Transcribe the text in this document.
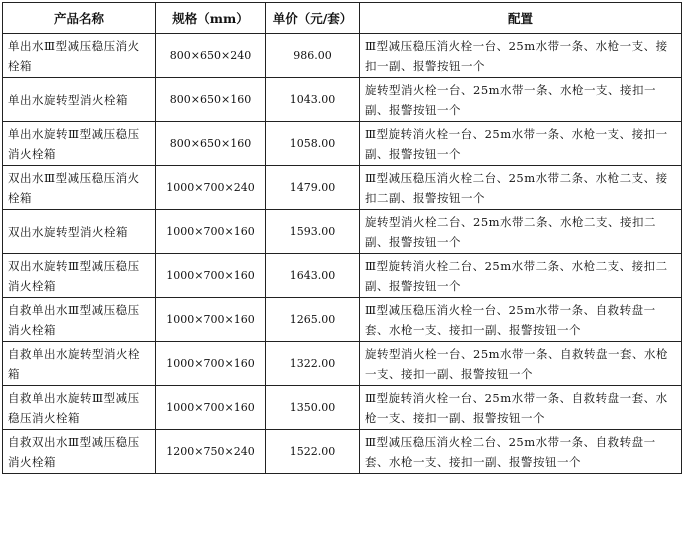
产品名称	规格（mm）	单价（元/套）	配置
单出水Ⅲ型减压稳压消火栓箱	800×650×240	986.00	Ⅲ型减压稳压消火栓一台、25m水带一条、水枪一支、接扣一副、报警按钮一个
单出水旋转型消火栓箱	800×650×160	1043.00	旋转型消火栓一台、25m水带一条、水枪一支、接扣一副、报警按钮一个
单出水旋转Ⅲ型减压稳压消火栓箱	800×650×160	1058.00	Ⅲ型旋转消火栓一台、25m水带一条、水枪一支、接扣一副、报警按钮一个
双出水Ⅲ型减压稳压消火栓箱	1000×700×240	1479.00	Ⅲ型减压稳压消火栓二台、25m水带二条、水枪二支、接扣二副、报警按钮一个
双出水旋转型消火栓箱	1000×700×160	1593.00	旋转型消火栓二台、25m水带二条、水枪二支、接扣二副、报警按钮一个
双出水旋转Ⅲ型减压稳压消火栓箱	1000×700×160	1643.00	Ⅲ型旋转消火栓二台、25m水带二条、水枪二支、接扣二副、报警按钮一个
自救单出水Ⅲ型减压稳压消火栓箱	1000×700×160	1265.00	Ⅲ型减压稳压消火栓一台、25m水带一条、自救转盘一套、水枪一支、接扣一副、报警按钮一个
自救单出水旋转型消火栓箱	1000×700×160	1322.00	旋转型消火栓一台、25m水带一条、自救转盘一套、水枪一支、接扣一副、报警按钮一个
自救单出水旋转Ⅲ型减压稳压消火栓箱	1000×700×160	1350.00	Ⅲ型旋转消火栓一台、25m水带一条、自救转盘一套、水枪一支、接扣一副、报警按钮一个
自救双出水Ⅲ型减压稳压消火栓箱	1200×750×240	1522.00	Ⅲ型减压稳压消火栓二台、25m水带一条、自救转盘一套、水枪一支、接扣一副、报警按钮一个
